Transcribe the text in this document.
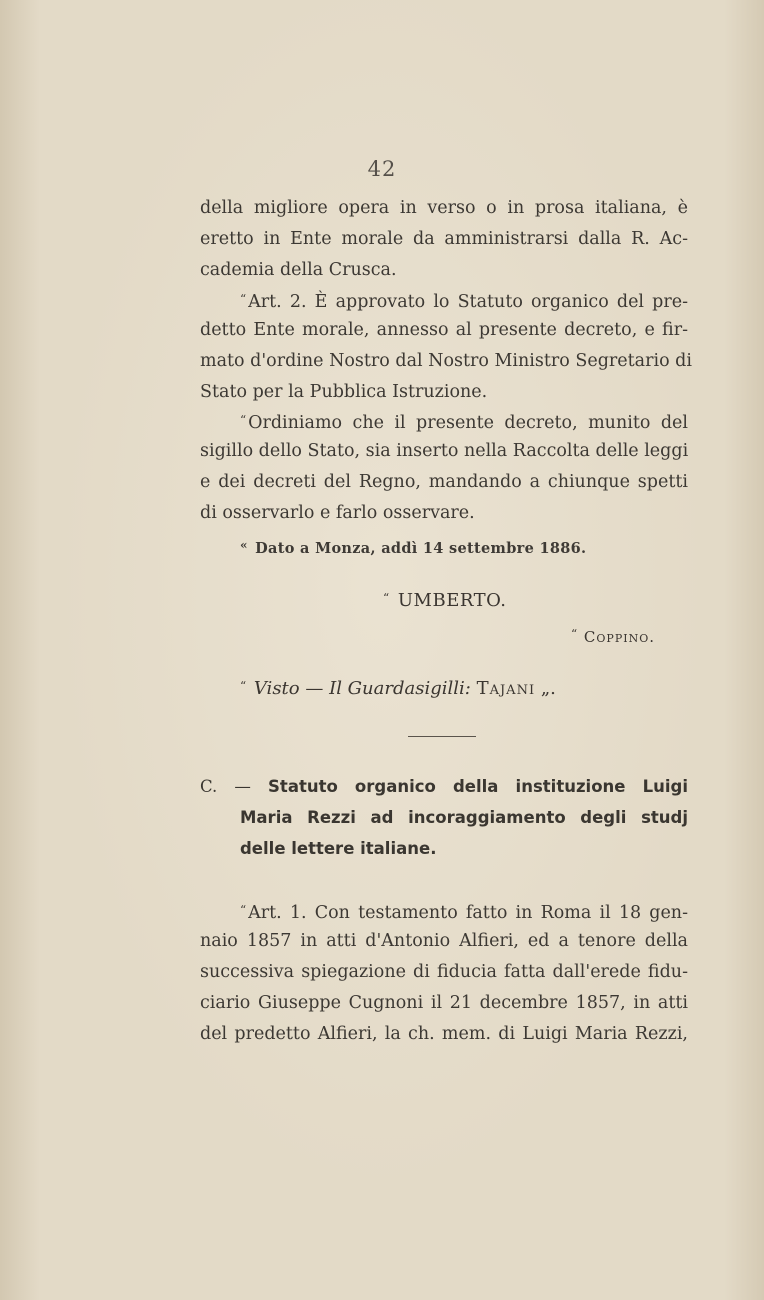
42
della migliore opera in verso o in prosa italiana, è
eretto in Ente morale da amministrarsi dalla R. Ac-
cademia della Crusca.
“ Art. 2. È approvato lo Statuto organico del pre-
detto Ente morale, annesso al presente decreto, e fir-
mato d'ordine Nostro dal Nostro Ministro Segretario di
Stato per la Pubblica Istruzione.
“ Ordiniamo che il presente decreto, munito del
sigillo dello Stato, sia inserto nella Raccolta delle leggi
e dei decreti del Regno, mandando a chiunque spetti
di osservarlo e farlo osservare.
« Dato a Monza, addì 14 settembre 1886.
“ UMBERTO.
“ Coppino.
“ Visto — Il Guardasigilli: Tajani „.
C. — Statuto organico della instituzione Luigi
Maria Rezzi ad incoraggiamento degli studj
delle lettere italiane.
“ Art. 1. Con testamento fatto in Roma il 18 gen-
naio 1857 in atti d'Antonio Alfieri, ed a tenore della
successiva spiegazione di fiducia fatta dall'erede fidu-
ciario Giuseppe Cugnoni il 21 decembre 1857, in atti
del predetto Alfieri, la ch. mem. di Luigi Maria Rezzi,
